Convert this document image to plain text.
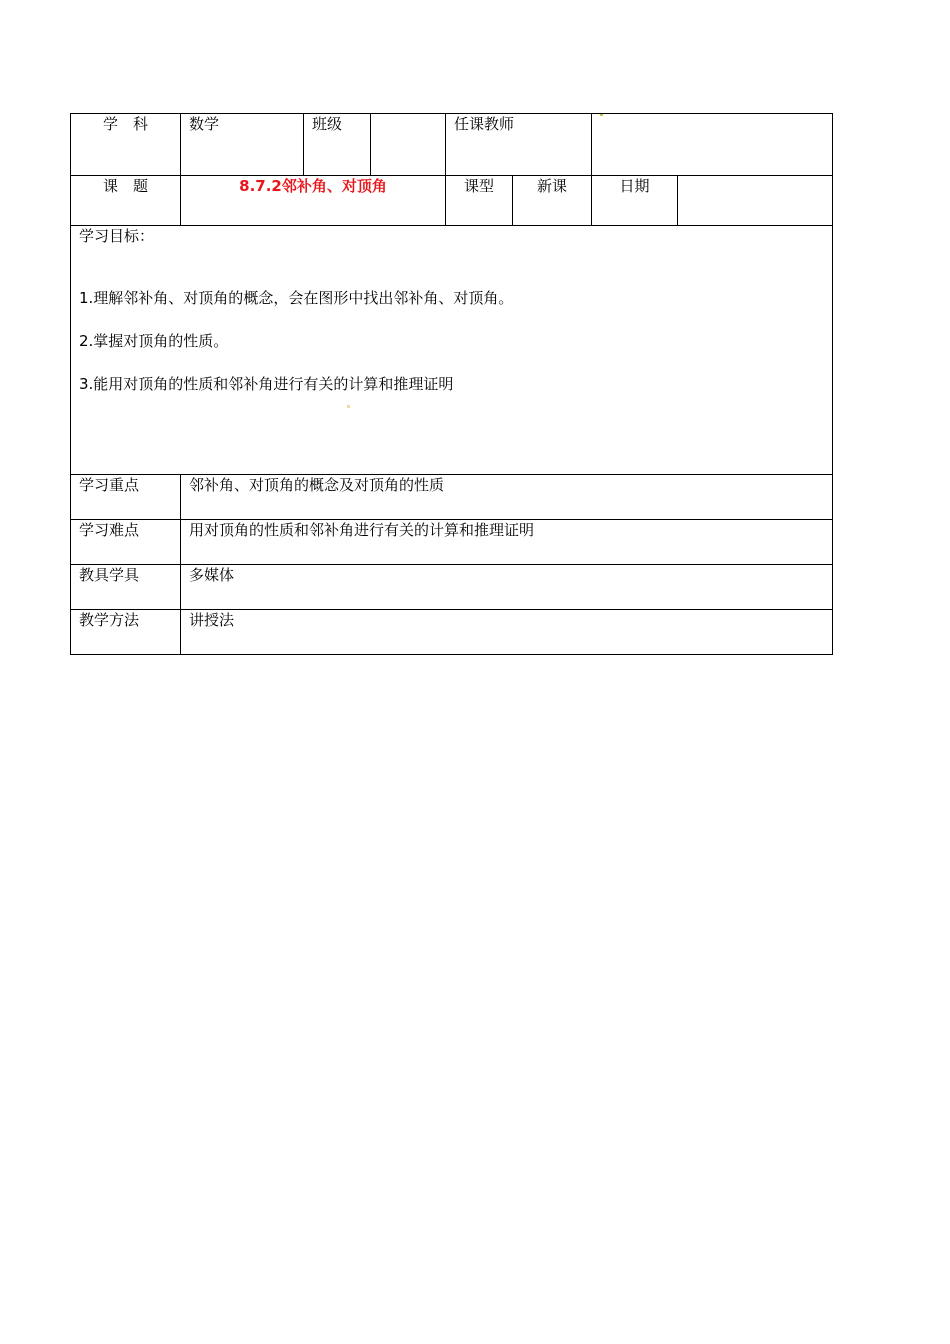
学　科	数学	班级		任课教师			
课　题	8.7.2邻补角、对顶角			课型	新课	日期	

学习目标：

1.理解邻补角、对顶角的概念，会在图形中找出邻补角、对顶角。

2.掌握对顶角的性质。

3.能用对顶角的性质和邻补角进行有关的计算和推理证明							

学习重点	邻补角、对顶角的概念及对顶角的性质						
学习难点	用对顶角的性质和邻补角进行有关的计算和推理证明						
教具学具	多媒体						
教学方法	讲授法						
